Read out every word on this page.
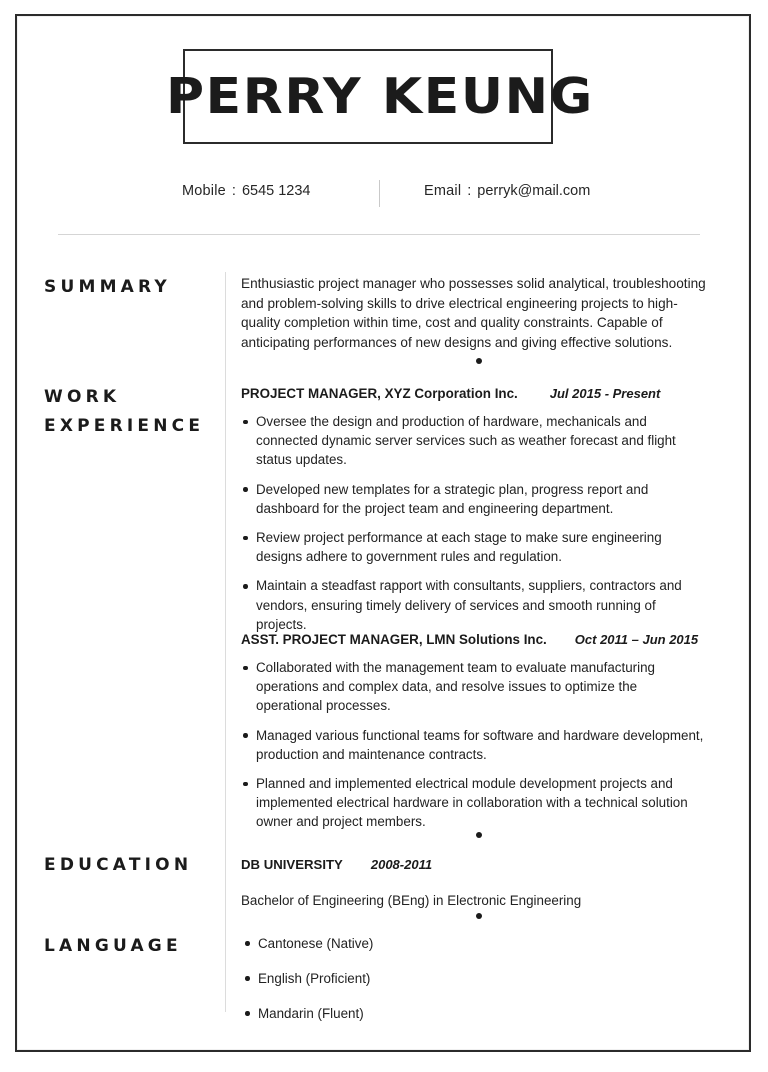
PERRY KEUNG
Mobile : 6545 1234	Email : perryk@mail.com
SUMMARY	Enthusiastic project manager who possesses solid analytical, troubleshooting and problem-solving skills to drive electrical engineering projects to high-quality completion within time, cost and quality constraints. Capable of anticipating performances of new designs and giving effective solutions.
WORK
EXPERIENCE
PROJECT MANAGER, XYZ Corporation Inc. Jul 2015 - Present
Oversee the design and production of hardware, mechanicals and connected dynamic server services such as weather forecast and flight status updates.
Developed new templates for a strategic plan, progress report and dashboard for the project team and engineering department.
Review project performance at each stage to make sure engineering designs adhere to government rules and regulation.
Maintain a steadfast rapport with consultants, suppliers, contractors and vendors, ensuring timely delivery of services and smooth running of projects.
ASST. PROJECT MANAGER, LMN Solutions Inc. Oct 2011 – Jun 2015
Collaborated with the management team to evaluate manufacturing operations and complex data, and resolve issues to optimize the operational processes.
Managed various functional teams for software and hardware development, production and maintenance contracts.
Planned and implemented electrical module development projects and implemented electrical hardware in collaboration with a technical solution owner and project members.
EDUCATION	DB UNIVERSITY 2008-2011
Bachelor of Engineering (BEng) in Electronic Engineering
LANGUAGE	Cantonese (Native)
English (Proficient)
Mandarin (Fluent)
